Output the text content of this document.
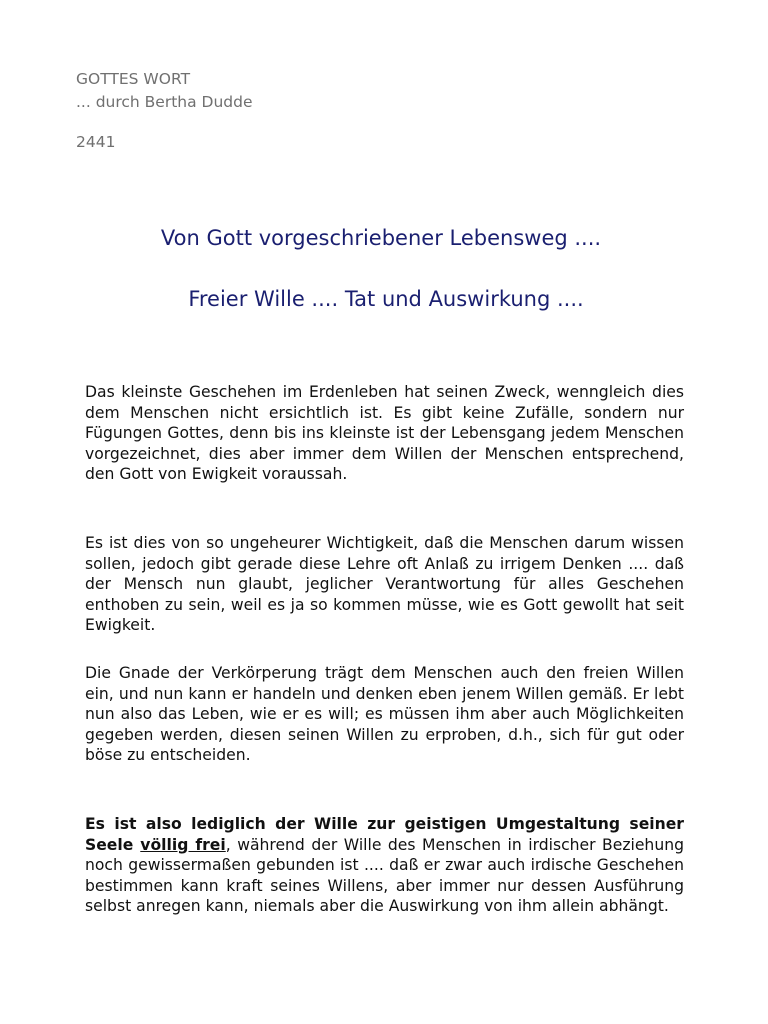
GOTTES WORT
... durch Bertha Dudde
2441
Von Gott vorgeschriebener Lebensweg ....
Freier Wille .... Tat und Auswirkung ....

Das kleinste Geschehen im Erdenleben hat seinen Zweck, wenngleich dies dem Menschen nicht ersichtlich ist. Es gibt keine Zufälle, sondern nur Fügungen Gottes, denn bis ins kleinste ist der Lebensgang jedem Menschen vorgezeichnet, dies aber immer dem Willen der Menschen entsprechend, den Gott von Ewigkeit voraussah.

Es ist dies von so ungeheurer Wichtigkeit, daß die Menschen darum wissen sollen, jedoch gibt gerade diese Lehre oft Anlaß zu irrigem Denken .... daß der Mensch nun glaubt, jeglicher Verantwortung für alles Geschehen enthoben zu sein, weil es ja so kommen müsse, wie es Gott gewollt hat seit Ewigkeit.

Die Gnade der Verkörperung trägt dem Menschen auch den freien Willen ein, und nun kann er handeln und denken eben jenem Willen gemäß. Er lebt nun also das Leben, wie er es will; es müssen ihm aber auch Möglichkeiten gegeben werden, diesen seinen Willen zu erproben, d.h., sich für gut oder böse zu entscheiden.

Es ist also lediglich der Wille zur geistigen Umgestaltung seiner Seele völlig frei, während der Wille des Menschen in irdischer Beziehung noch gewissermaßen gebunden ist .... daß er zwar auch irdische Geschehen bestimmen kann kraft seines Willens, aber immer nur dessen Ausführung selbst anregen kann, niemals aber die Auswirkung von ihm allein abhängt.
